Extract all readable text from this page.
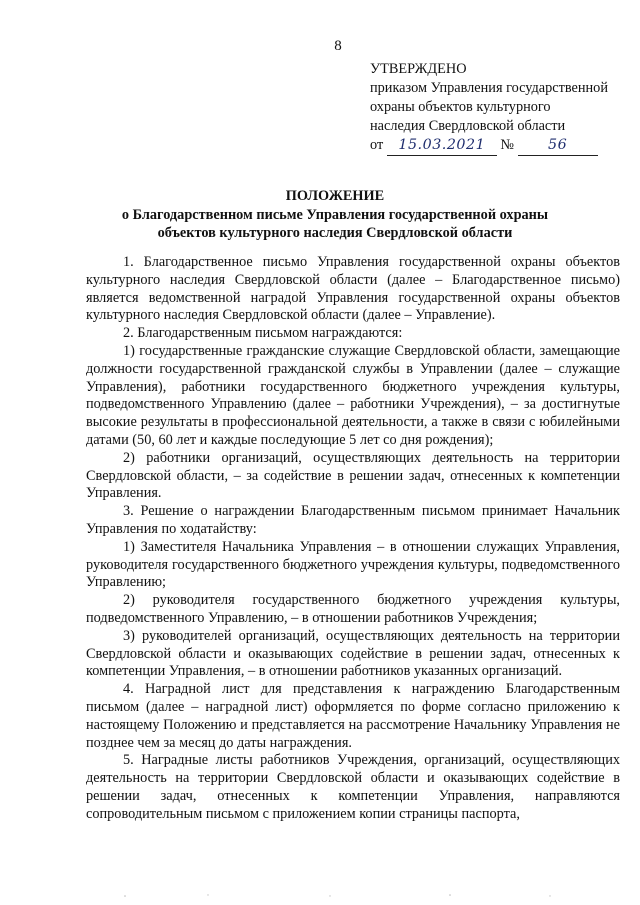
8
УТВЕРЖДЕНО
приказом Управления государственной
охраны объектов культурного
наследия Свердловской области
от 15.03.2021 № 56
ПОЛОЖЕНИЕ
о Благодарственном письме Управления государственной охраны
объектов культурного наследия Свердловской области

1. Благодарственное письмо Управления государственной охраны объектов культурного наследия Свердловской области (далее – Благодарственное письмо) является ведомственной наградой Управления государственной охраны объектов культурного наследия Свердловской области (далее – Управление).

2. Благодарственным письмом награждаются:

1) государственные гражданские служащие Свердловской области, замещающие должности государственной гражданской службы в Управлении (далее – служащие Управления), работники государственного бюджетного учреждения культуры, подведомственного Управлению (далее – работники Учреждения), – за достигнутые высокие результаты в профессиональной деятельности, а также в связи с юбилейными датами (50, 60 лет и каждые последующие 5 лет со дня рождения);

2) работники организаций, осуществляющих деятельность на территории Свердловской области, – за содействие в решении задач, отнесенных к компетенции Управления.

3. Решение о награждении Благодарственным письмом принимает Начальник Управления по ходатайству:

1) Заместителя Начальника Управления – в отношении служащих Управления, руководителя государственного бюджетного учреждения культуры, подведомственного Управлению;

2) руководителя государственного бюджетного учреждения культуры, подведомственного Управлению, – в отношении работников Учреждения;

3) руководителей организаций, осуществляющих деятельность на территории Свердловской области и оказывающих содействие в решении задач, отнесенных к компетенции Управления, – в отношении работников указанных организаций.

4. Наградной лист для представления к награждению Благодарственным письмом (далее – наградной лист) оформляется по форме согласно приложению к настоящему Положению и представляется на рассмотрение Начальнику Управления не позднее чем за месяц до даты награждения.

5. Наградные листы работников Учреждения, организаций, осуществляющих деятельность на территории Свердловской области и оказывающих содействие в решении задач, отнесенных к компетенции Управления, направляются сопроводительным письмом с приложением копии страницы паспорта,
